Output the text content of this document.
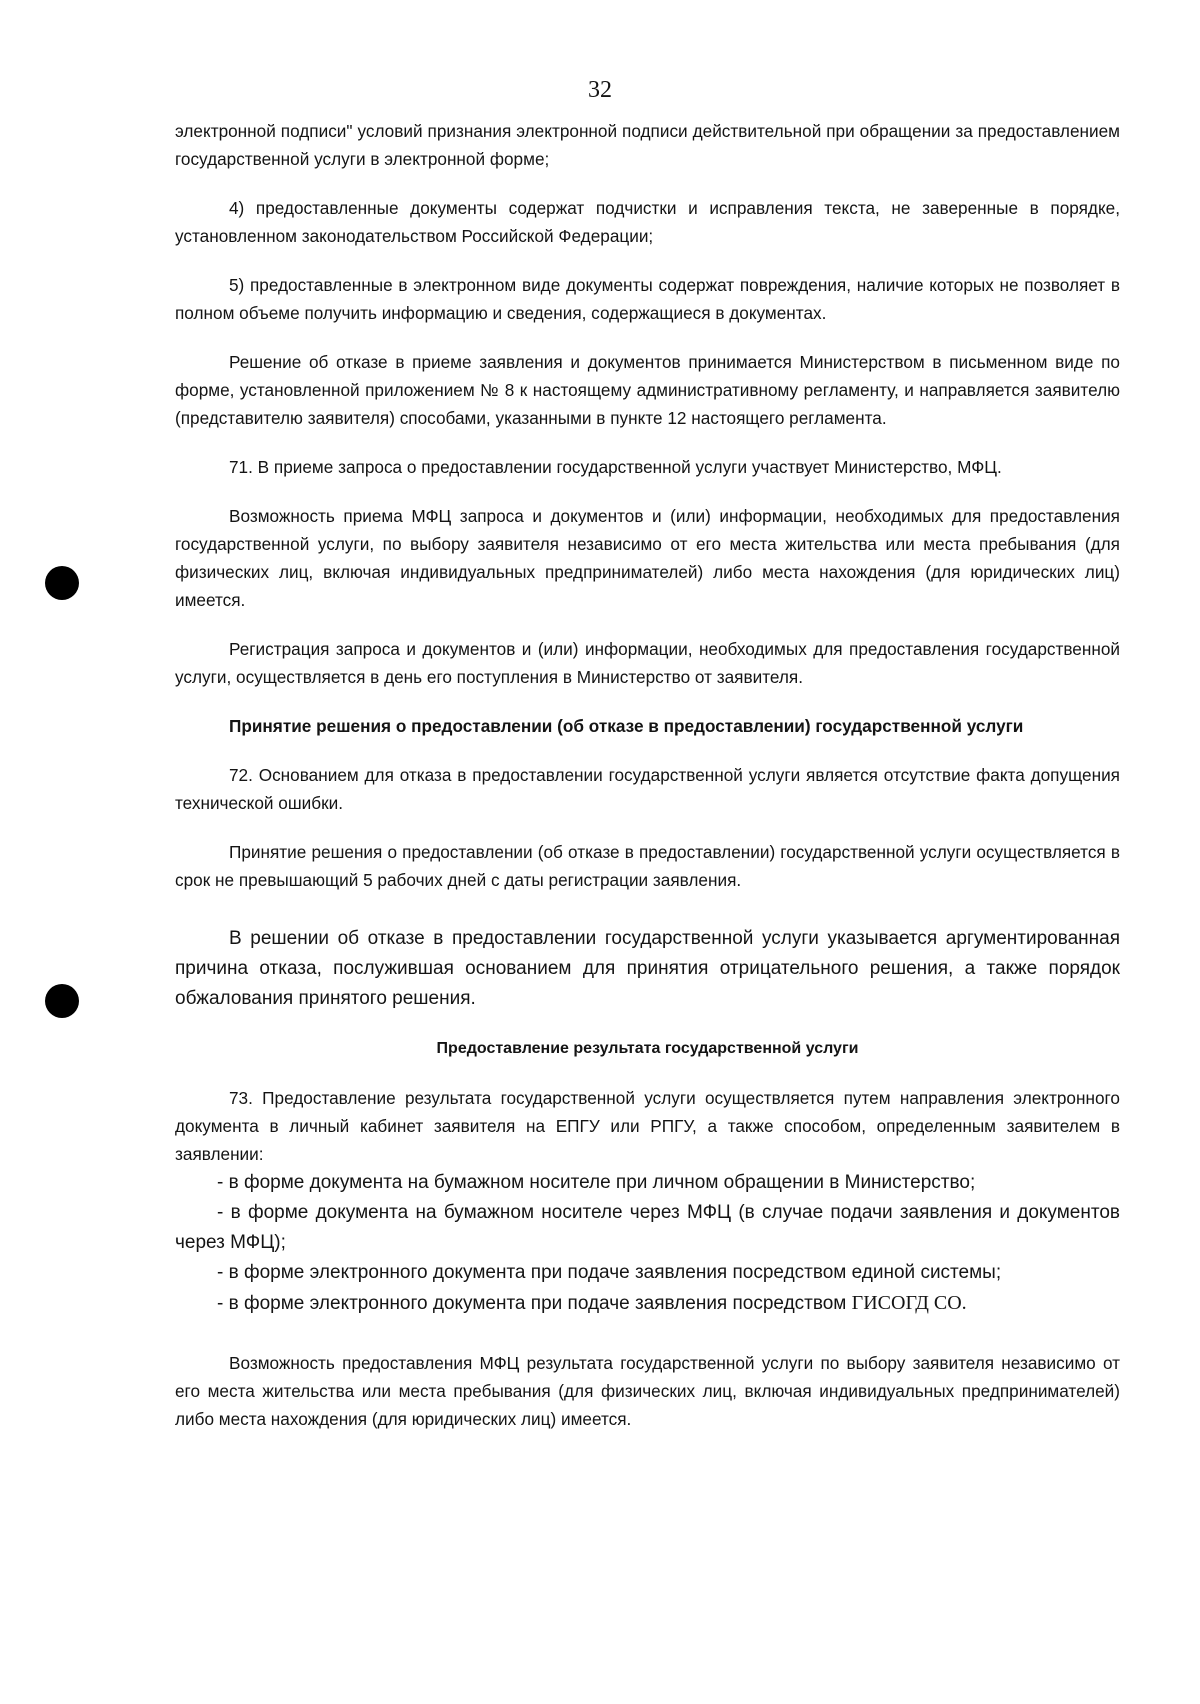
32

электронной подписи" условий признания электронной подписи действительной при обращении за предоставлением государственной услуги в электронной форме;

4) предоставленные документы содержат подчистки и исправления текста, не заверенные в порядке, установленном законодательством Российской Федерации;

5) предоставленные в электронном виде документы содержат повреждения, наличие которых не позволяет в полном объеме получить информацию и сведения, содержащиеся в документах.

Решение об отказе в приеме заявления и документов принимается Министерством в письменном виде по форме, установленной приложением № 8 к настоящему административному регламенту, и направляется заявителю (представителю заявителя) способами, указанными в пункте 12 настоящего регламента.

71. В приеме запроса о предоставлении государственной услуги участвует Министерство, МФЦ.

Возможность приема МФЦ запроса и документов и (или) информации, необходимых для предоставления государственной услуги, по выбору заявителя независимо от его места жительства или места пребывания (для физических лиц, включая индивидуальных предпринимателей) либо места нахождения (для юридических лиц) имеется.

Регистрация запроса и документов и (или) информации, необходимых для предоставления государственной услуги, осуществляется в день его поступления в Министерство от заявителя.

Принятие решения о предоставлении (об отказе в предоставлении) государственной услуги

72. Основанием для отказа в предоставлении государственной услуги является отсутствие факта допущения технической ошибки.

Принятие решения о предоставлении (об отказе в предоставлении) государственной услуги осуществляется в срок не превышающий 5 рабочих дней с даты регистрации заявления.

В решении об отказе в предоставлении государственной услуги указывается аргументированная причина отказа, послужившая основанием для принятия отрицательного решения, а также порядок обжалования принятого решения.

Предоставление результата государственной услуги

73. Предоставление результата государственной услуги осуществляется путем направления электронного документа в личный кабинет заявителя на ЕПГУ или РПГУ, а также способом, определенным заявителем в заявлении:

- в форме документа на бумажном носителе при личном обращении в Министерство;

- в форме документа на бумажном носителе через МФЦ (в случае подачи заявления и документов через МФЦ);

- в форме электронного документа при подаче заявления посредством единой системы;

- в форме электронного документа при подаче заявления посредством ГИСОГД СО.

Возможность предоставления МФЦ результата государственной услуги по выбору заявителя независимо от его места жительства или места пребывания (для физических лиц, включая индивидуальных предпринимателей) либо места нахождения (для юридических лиц) имеется.
